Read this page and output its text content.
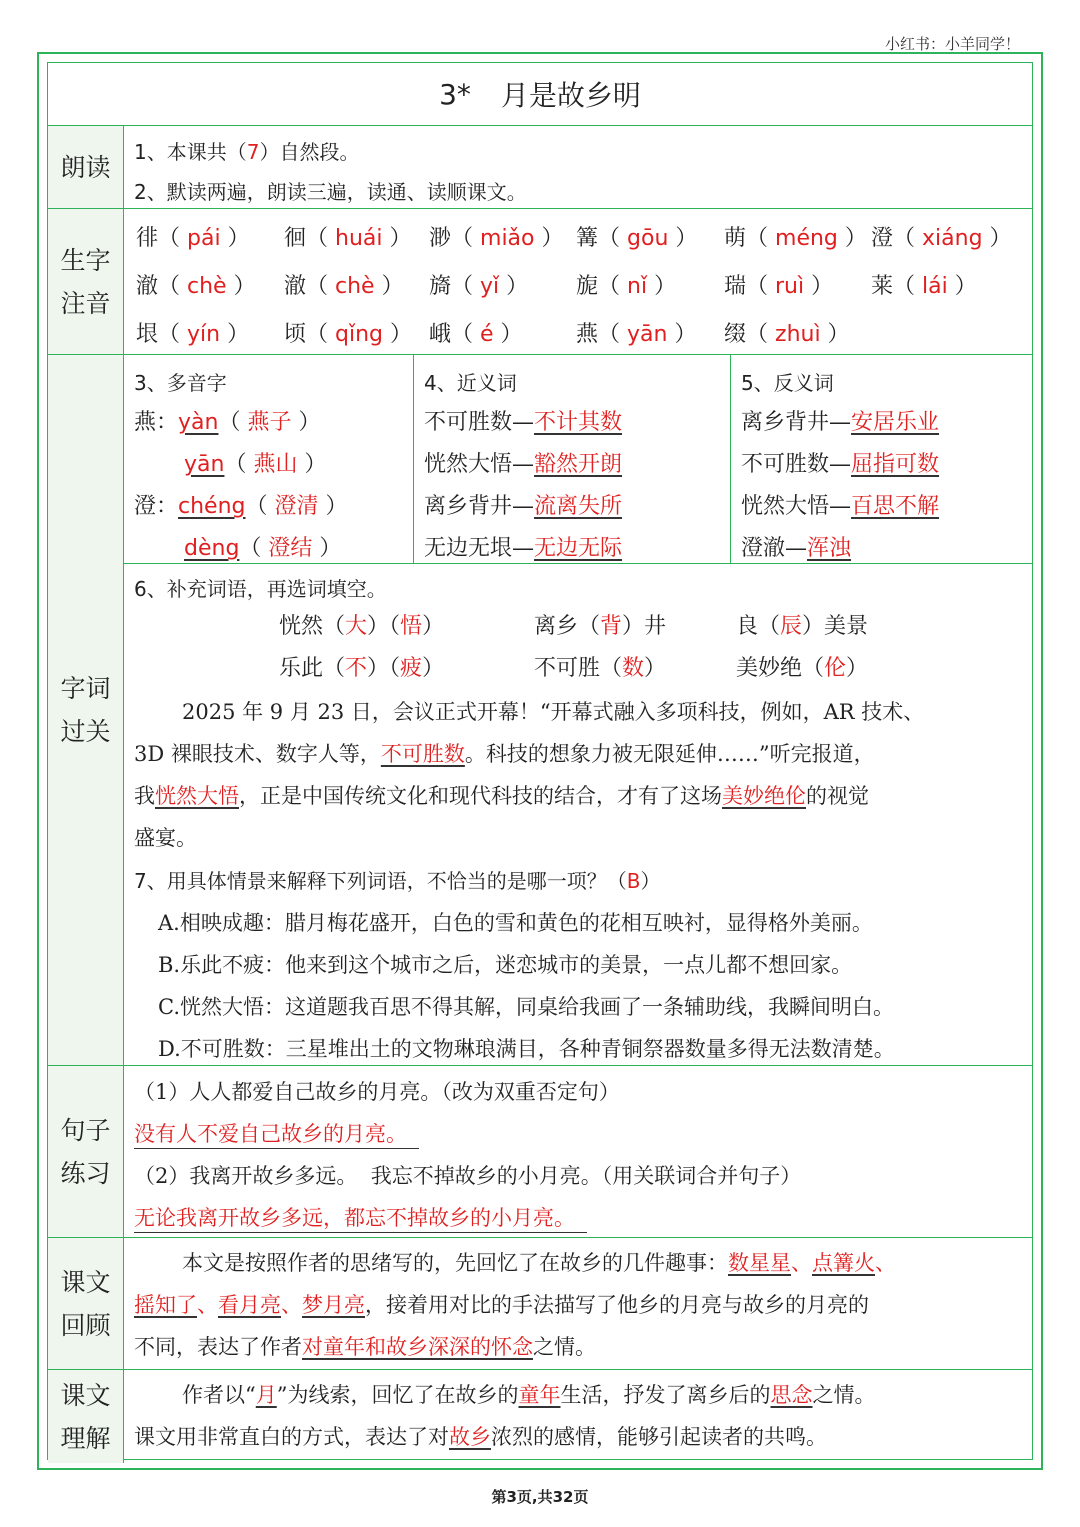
小红书：小羊同学！
3* 月是故乡明
朗读
1、本课共（7）自然段。
2、默读两遍，朗读三遍，读通、读顺课文。
生字
注音
徘（ pái ） 徊（ huái ） 渺（ miǎo ） 篝（ gōu ） 萌（ méng ） 澄（ xiáng ）
澈（ chè ） 澈（ chè ） 旖（ yǐ ） 旎（ nǐ ） 瑞（ ruì ） 莱（ lái ）
垠（ yín ） 顷（ qǐng ） 峨（ é ） 燕（ yān ） 缀（ zhuì ）
字词
过关
3、多音字
燕：yàn（ 燕子 ）
yān（ 燕山 ）
澄：chéng（ 澄清 ）
dèng（ 澄结 ）
4、近义词
不可胜数—不计其数
恍然大悟—豁然开朗
离乡背井—流离失所
无边无垠—无边无际
5、反义词
离乡背井—安居乐业
不可胜数—屈指可数
恍然大悟—百思不解
澄澈—浑浊
6、补充词语，再选词填空。
恍然（大）（悟）	离乡（背）井	良（辰）美景
乐此（不）（疲）	不可胜（数）	美妙绝（伦）
2025 年 9 月 23 日，会议正式开幕！“开幕式融入多项科技，例如，AR 技术、
3D 裸眼技术、数字人等，不可胜数。科技的想象力被无限延伸……”听完报道，
我恍然大悟，正是中国传统文化和现代科技的结合，才有了这场美妙绝伦的视觉
盛宴。
7、用具体情景来解释下列词语，不恰当的是哪一项？（B）
A.相映成趣：腊月梅花盛开，白色的雪和黄色的花相互映衬，显得格外美丽。
B.乐此不疲：他来到这个城市之后，迷恋城市的美景，一点儿都不想回家。
C.恍然大悟：这道题我百思不得其解，同桌给我画了一条辅助线，我瞬间明白。
D.不可胜数：三星堆出土的文物琳琅满目，各种青铜祭器数量多得无法数清楚。
句子
练习
（1）人人都爱自己故乡的月亮。（改为双重否定句）
没有人不爱自己故乡的月亮。
（2）我离开故乡多远。  我忘不掉故乡的小月亮。（用关联词合并句子）
无论我离开故乡多远，都忘不掉故乡的小月亮。
课文
回顾
本文是按照作者的思绪写的，先回忆了在故乡的几件趣事：数星星、点篝火、
摇知了、看月亮、梦月亮，接着用对比的手法描写了他乡的月亮与故乡的月亮的
不同，表达了作者对童年和故乡深深的怀念之情。
课文
理解
作者以“月”为线索，回忆了在故乡的童年生活，抒发了离乡后的思念之情。
课文用非常直白的方式，表达了对故乡浓烈的感情，能够引起读者的共鸣。
第3页,共32页
